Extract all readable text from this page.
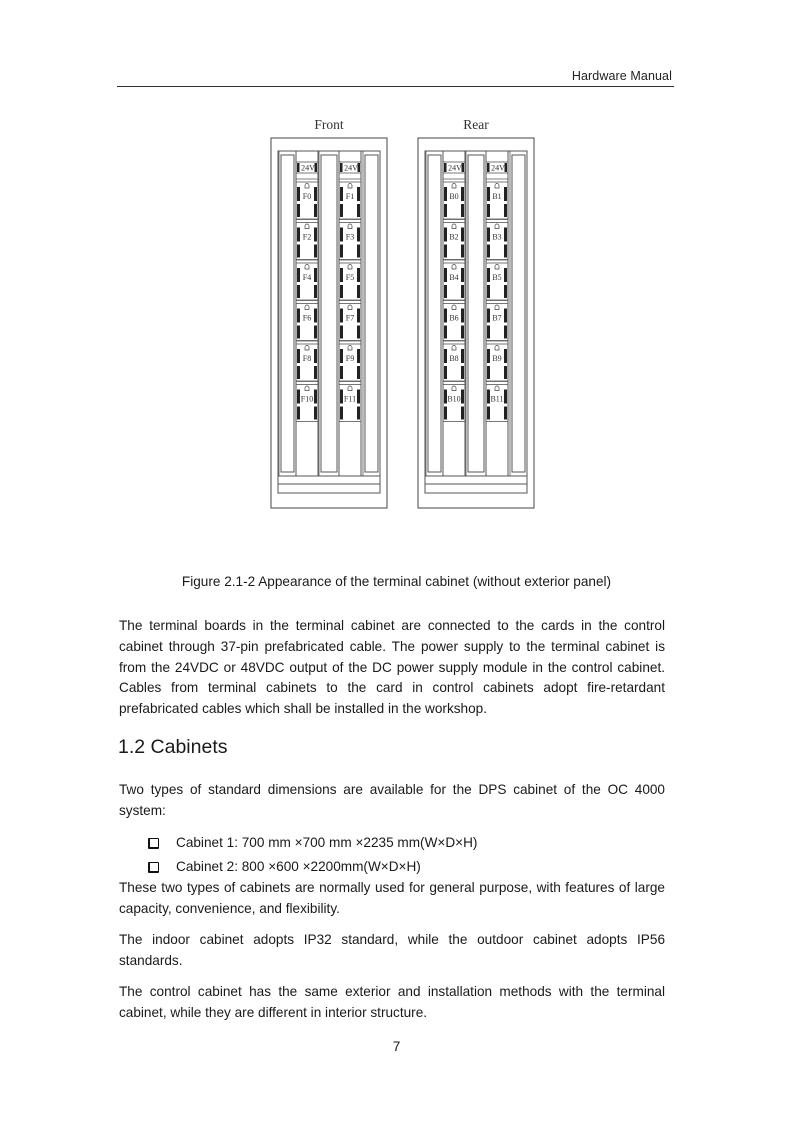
Hardware Manual
Front
24V
F0
F2
F4
F6
F8
F10
24V
F1
F3
F5
F7
F9
F11
Rear
24V
B0
B2
B4
B6
B8
B10
24V
B1
B3
B5
B7
B9
B11
Figure 2.1-2 Appearance of the terminal cabinet (without exterior panel)
The terminal boards in the terminal cabinet are connected to the cards in the control cabinet through 37-pin prefabricated cable. The power supply to the terminal cabinet is from the 24VDC or 48VDC output of the DC power supply module in the control cabinet. Cables from terminal cabinets to the card in control cabinets adopt fire-retardant prefabricated cables which shall be installed in the workshop.
1.2 Cabinets
Two types of standard dimensions are available for the DPS cabinet of the OC 4000 system:
Cabinet 1: 700 mm ×700 mm ×2235 mm(W×D×H)
Cabinet 2: 800 ×600 ×2200mm(W×D×H)
These two types of cabinets are normally used for general purpose, with features of large capacity, convenience, and flexibility.
The indoor cabinet adopts IP32 standard, while the outdoor cabinet adopts IP56 standards.
The control cabinet has the same exterior and installation methods with the terminal cabinet, while they are different in interior structure.
7
